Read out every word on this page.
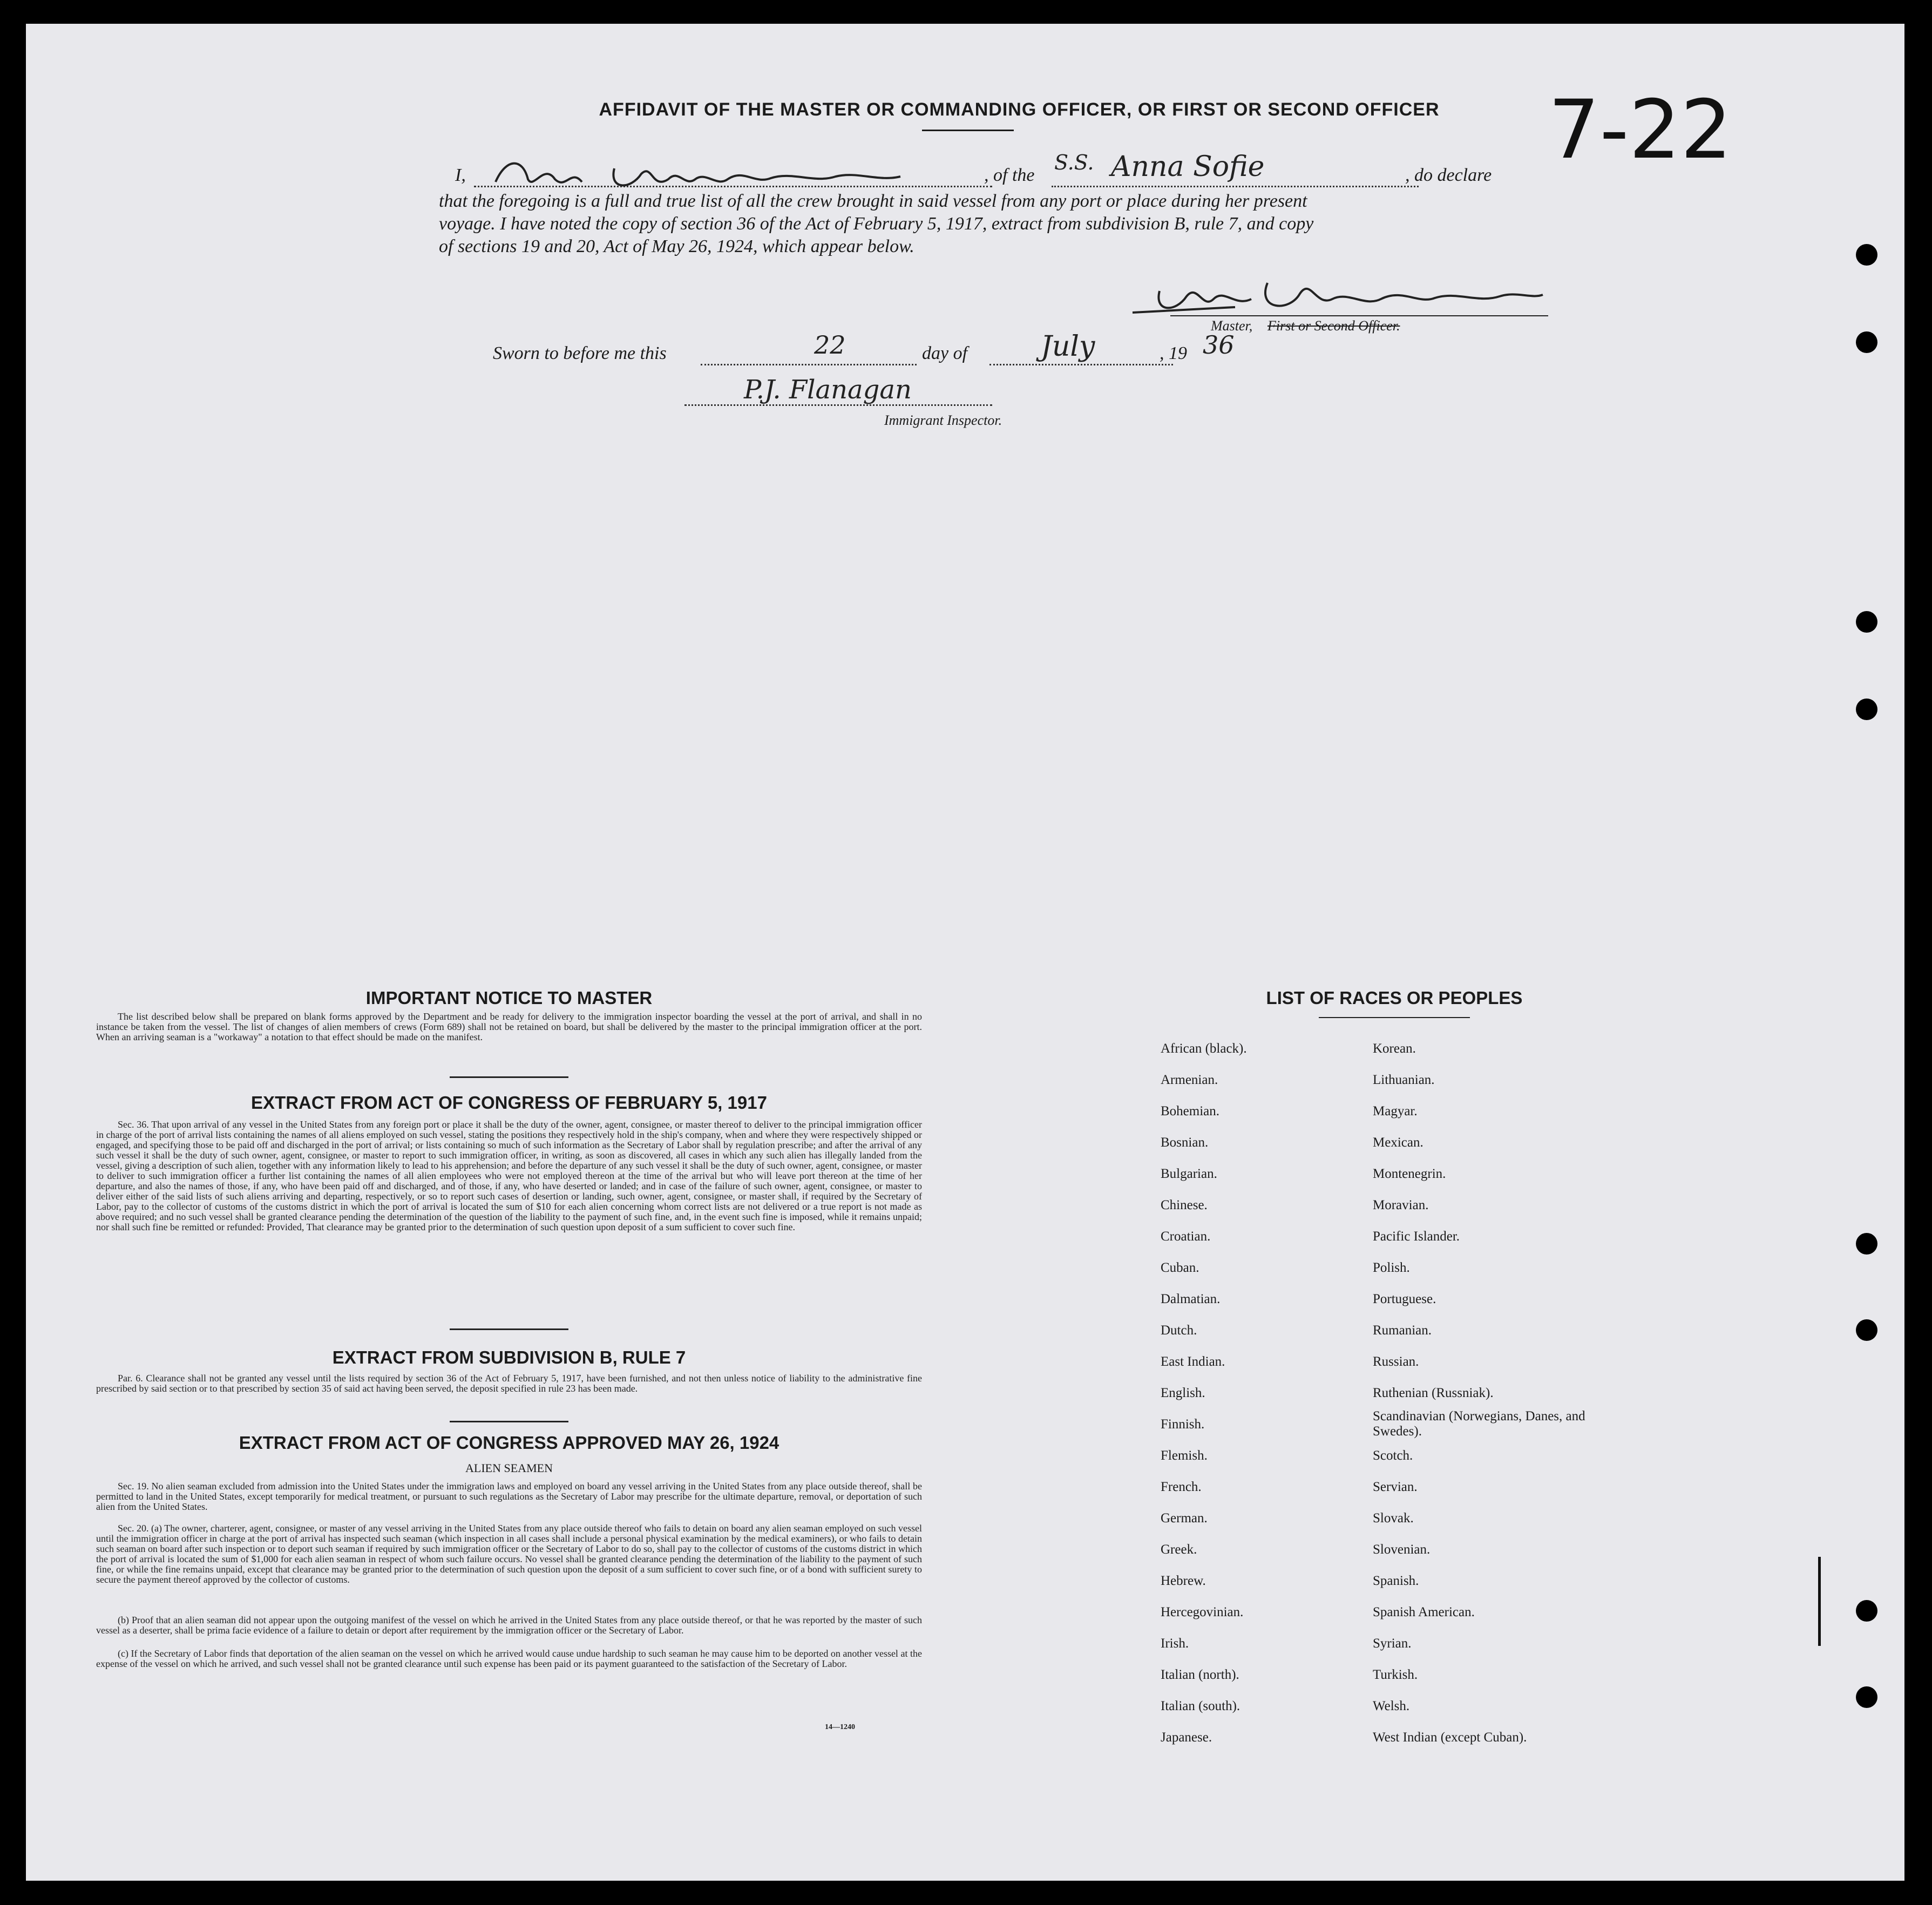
7-22
AFFIDAVIT OF THE MASTER OR COMMANDING OFFICER, OR FIRST OR SECOND OFFICER
I,	, of the
S.S. Anna Sofie	, do declare
that the foregoing is a full and true list of all the crew brought in said vessel from any port or place during her present
voyage. I have noted the copy of section 36 of the Act of February 5, 1917, extract from subdivision B, rule 7, and copy
of sections 19 and 20, Act of May 26, 1924, which appear below.
Master, First or Second Officer.
Sworn to before me this	22	day of	July	, 19 36
P.J. Flanagan
Immigrant Inspector.
IMPORTANT NOTICE TO MASTER
The list described below shall be prepared on blank forms approved by the Department and be ready for delivery to the immigration inspector boarding the vessel at the port of arrival, and shall in no instance be taken from the vessel. The list of changes of alien members of crews (Form 689) shall not be retained on board, but shall be delivered by the master to the principal immigration officer at the port. When an arriving seaman is a "workaway" a notation to that effect should be made on the manifest.
EXTRACT FROM ACT OF CONGRESS OF FEBRUARY 5, 1917
Sec. 36. That upon arrival of any vessel in the United States from any foreign port or place it shall be the duty of the owner, agent, consignee, or master thereof to deliver to the principal immigration officer in charge of the port of arrival lists containing the names of all aliens employed on such vessel, stating the positions they respectively hold in the ship's company, when and where they were respectively shipped or engaged, and specifying those to be paid off and discharged in the port of arrival; or lists containing so much of such information as the Secretary of Labor shall by regulation prescribe; and after the arrival of any such vessel it shall be the duty of such owner, agent, consignee, or master to report to such immigration officer, in writing, as soon as discovered, all cases in which any such alien has illegally landed from the vessel, giving a description of such alien, together with any information likely to lead to his apprehension; and before the departure of any such vessel it shall be the duty of such owner, agent, consignee, or master to deliver to such immigration officer a further list containing the names of all alien employees who were not employed thereon at the time of the arrival but who will leave port thereon at the time of her departure, and also the names of those, if any, who have been paid off and discharged, and of those, if any, who have deserted or landed; and in case of the failure of such owner, agent, consignee, or master to deliver either of the said lists of such aliens arriving and departing, respectively, or so to report such cases of desertion or landing, such owner, agent, consignee, or master shall, if required by the Secretary of Labor, pay to the collector of customs of the customs district in which the port of arrival is located the sum of $10 for each alien concerning whom correct lists are not delivered or a true report is not made as above required; and no such vessel shall be granted clearance pending the determination of the question of the liability to the payment of such fine, and, in the event such fine is imposed, while it remains unpaid; nor shall such fine be remitted or refunded: Provided, That clearance may be granted prior to the determination of such question upon deposit of a sum sufficient to cover such fine.
EXTRACT FROM SUBDIVISION B, RULE 7
Par. 6. Clearance shall not be granted any vessel until the lists required by section 36 of the Act of February 5, 1917, have been furnished, and not then unless notice of liability to the administrative fine prescribed by said section or to that prescribed by section 35 of said act having been served, the deposit specified in rule 23 has been made.
EXTRACT FROM ACT OF CONGRESS APPROVED MAY 26, 1924
ALIEN SEAMEN
Sec. 19. No alien seaman excluded from admission into the United States under the immigration laws and employed on board any vessel arriving in the United States from any place outside thereof, shall be permitted to land in the United States, except temporarily for medical treatment, or pursuant to such regulations as the Secretary of Labor may prescribe for the ultimate departure, removal, or deportation of such alien from the United States.
Sec. 20. (a) The owner, charterer, agent, consignee, or master of any vessel arriving in the United States from any place outside thereof who fails to detain on board any alien seaman employed on such vessel until the immigration officer in charge at the port of arrival has inspected such seaman (which inspection in all cases shall include a personal physical examination by the medical examiners), or who fails to detain such seaman on board after such inspection or to deport such seaman if required by such immigration officer or the Secretary of Labor to do so, shall pay to the collector of customs of the customs district in which the port of arrival is located the sum of $1,000 for each alien seaman in respect of whom such failure occurs. No vessel shall be granted clearance pending the determination of the liability to the payment of such fine, or while the fine remains unpaid, except that clearance may be granted prior to the determination of such question upon the deposit of a sum sufficient to cover such fine, or of a bond with sufficient surety to secure the payment thereof approved by the collector of customs.
(b) Proof that an alien seaman did not appear upon the outgoing manifest of the vessel on which he arrived in the United States from any place outside thereof, or that he was reported by the master of such vessel as a deserter, shall be prima facie evidence of a failure to detain or deport after requirement by the immigration officer or the Secretary of Labor.
(c) If the Secretary of Labor finds that deportation of the alien seaman on the vessel on which he arrived would cause undue hardship to such seaman he may cause him to be deported on another vessel at the expense of the vessel on which he arrived, and such vessel shall not be granted clearance until such expense has been paid or its payment guaranteed to the satisfaction of the Secretary of Labor.
14—1240
LIST OF RACES OR PEOPLES
African (black).
Armenian.
Bohemian.
Bosnian.
Bulgarian.
Chinese.
Croatian.
Cuban.
Dalmatian.
Dutch.
East Indian.
English.
Finnish.
Flemish.
French.
German.
Greek.
Hebrew.
Hercegovinian.
Irish.
Italian (north).
Italian (south).
Japanese.
Korean.
Lithuanian.
Magyar.
Mexican.
Montenegrin.
Moravian.
Pacific Islander.
Polish.
Portuguese.
Rumanian.
Russian.
Ruthenian (Russniak).
Scandinavian (Norwegians, Danes, and Swedes).
Scotch.
Servian.
Slovak.
Slovenian.
Spanish.
Spanish American.
Syrian.
Turkish.
Welsh.
West Indian (except Cuban).
